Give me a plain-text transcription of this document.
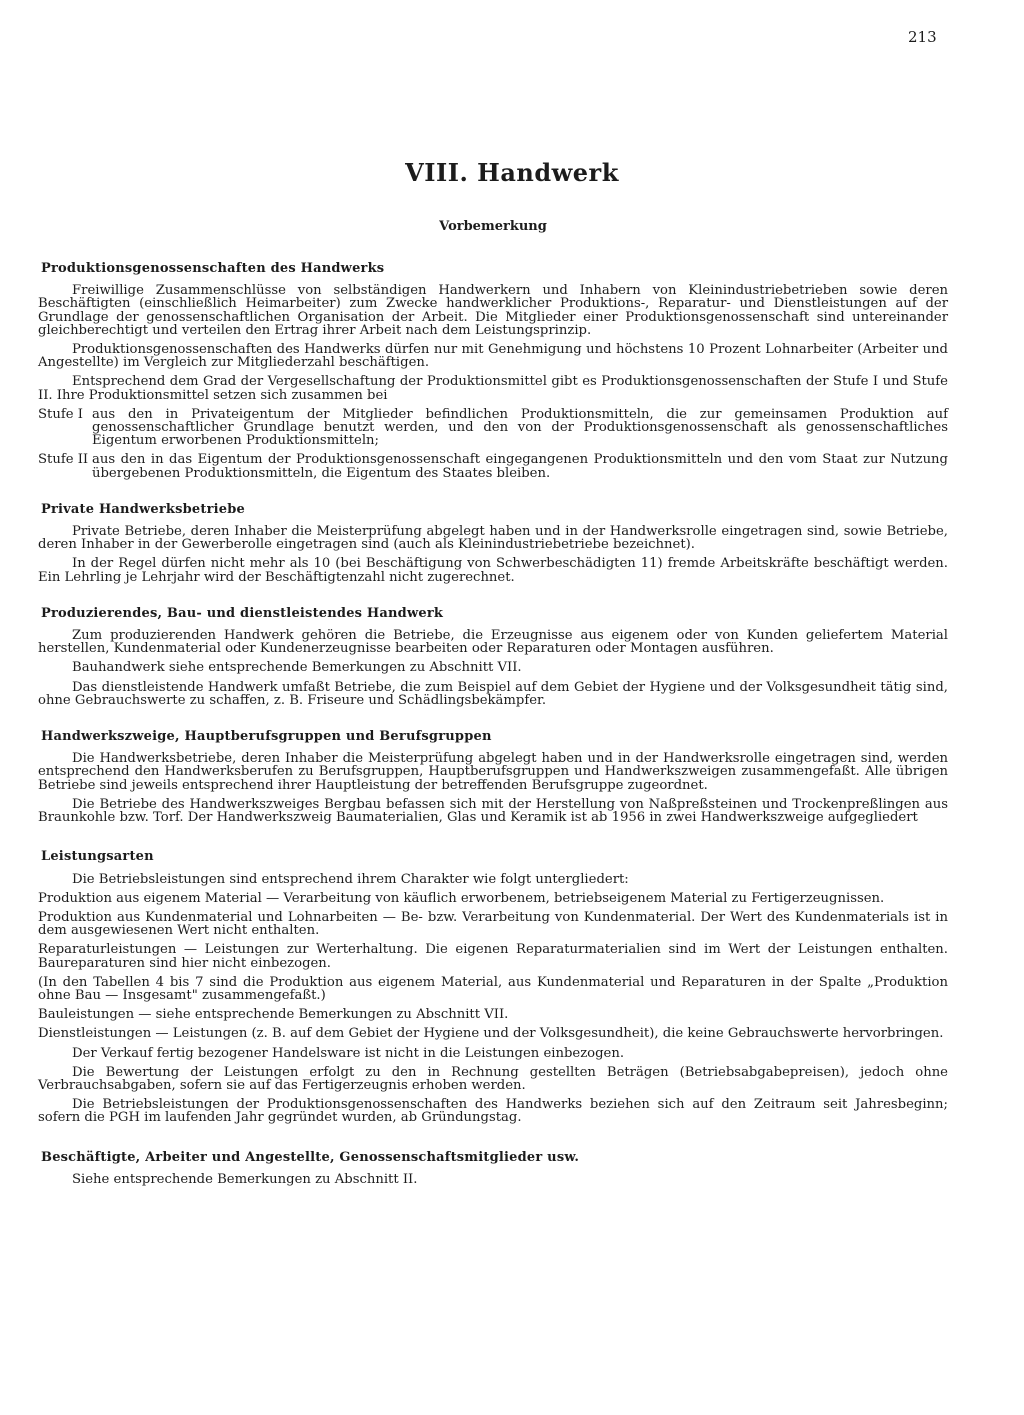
213
VIII. Handwerk
Vorbemerkung
Produktionsgenossenschaften des Handwerks

Freiwillige Zusammenschlüsse von selbständigen Handwerkern und Inhabern von Kleinindustriebetrieben sowie deren Beschäftigten (einschließlich Heimarbeiter) zum Zwecke handwerklicher Produktions-, Reparatur- und Dienstleistungen auf der Grundlage der genossenschaftlichen Organisation der Arbeit. Die Mitglieder einer Produktionsgenossenschaft sind untereinander gleichberechtigt und verteilen den Ertrag ihrer Arbeit nach dem Leistungsprinzip.

Produktionsgenossenschaften des Handwerks dürfen nur mit Genehmigung und höchstens 10 Prozent Lohnarbeiter (Arbeiter und Angestellte) im Vergleich zur Mitgliederzahl beschäftigen.

Entsprechend dem Grad der Vergesellschaftung der Produktionsmittel gibt es Produktionsgenossenschaften der Stufe I und Stufe II. Ihre Produktionsmittel setzen sich zusammen bei

Stufe I aus den in Privateigentum der Mitglieder befindlichen Produktionsmitteln, die zur gemeinsamen Produktion auf genossenschaftlicher Grundlage benutzt werden, und den von der Produktionsgenossenschaft als genossenschaftliches Eigentum erworbenen Produktionsmitteln;
Stufe II aus den in das Eigentum der Produktionsgenossenschaft eingegangenen Produktionsmitteln und den vom Staat zur Nutzung übergebenen Produktionsmitteln, die Eigentum des Staates bleiben.
Private Handwerksbetriebe

Private Betriebe, deren Inhaber die Meisterprüfung abgelegt haben und in der Handwerksrolle eingetragen sind, sowie Betriebe, deren Inhaber in der Gewerberolle eingetragen sind (auch als Kleinindustriebetriebe bezeichnet).

In der Regel dürfen nicht mehr als 10 (bei Beschäftigung von Schwerbeschädigten 11) fremde Arbeitskräfte beschäftigt werden. Ein Lehrling je Lehrjahr wird der Beschäftigtenzahl nicht zugerechnet.

Produzierendes, Bau- und dienstleistendes Handwerk

Zum produzierenden Handwerk gehören die Betriebe, die Erzeugnisse aus eigenem oder von Kunden geliefertem Material herstellen, Kundenmaterial oder Kundenerzeugnisse bearbeiten oder Reparaturen oder Montagen ausführen.

Bauhandwerk siehe entsprechende Bemerkungen zu Abschnitt VII.

Das dienstleistende Handwerk umfaßt Betriebe, die zum Beispiel auf dem Gebiet der Hygiene und der Volksgesundheit tätig sind, ohne Gebrauchswerte zu schaffen, z. B. Friseure und Schädlingsbekämpfer.

Handwerkszweige, Hauptberufsgruppen und Berufsgruppen

Die Handwerksbetriebe, deren Inhaber die Meisterprüfung abgelegt haben und in der Handwerksrolle eingetragen sind, werden entsprechend den Handwerksberufen zu Berufsgruppen, Hauptberufsgruppen und Handwerkszweigen zusammengefaßt. Alle übrigen Betriebe sind jeweils entsprechend ihrer Hauptleistung der betreffenden Berufsgruppe zugeordnet.

Die Betriebe des Handwerkszweiges Bergbau befassen sich mit der Herstellung von Naßpreßsteinen und Trockenpreßlingen aus Braunkohle bzw. Torf. Der Handwerkszweig Baumaterialien, Glas und Keramik ist ab 1956 in zwei Handwerkszweige aufgegliedert

Leistungsarten

Die Betriebsleistungen sind entsprechend ihrem Charakter wie folgt untergliedert:

Produktion aus eigenem Material — Verarbeitung von käuflich erworbenem, betriebseigenem Material zu Fertigerzeugnissen.

Produktion aus Kundenmaterial und Lohnarbeiten — Be- bzw. Verarbeitung von Kundenmaterial. Der Wert des Kundenmaterials ist in dem ausgewiesenen Wert nicht enthalten.

Reparaturleistungen — Leistungen zur Werterhaltung. Die eigenen Reparaturmaterialien sind im Wert der Leistungen enthalten. Baureparaturen sind hier nicht einbezogen.

(In den Tabellen 4 bis 7 sind die Produktion aus eigenem Material, aus Kundenmaterial und Reparaturen in der Spalte „Produktion ohne Bau — Insgesamt" zusammengefaßt.)

Bauleistungen — siehe entsprechende Bemerkungen zu Abschnitt VII.

Dienstleistungen — Leistungen (z. B. auf dem Gebiet der Hygiene und der Volksgesundheit), die keine Gebrauchswerte hervorbringen.

Der Verkauf fertig bezogener Handelsware ist nicht in die Leistungen einbezogen.

Die Bewertung der Leistungen erfolgt zu den in Rechnung gestellten Beträgen (Betriebsabgabepreisen), jedoch ohne Verbrauchsabgaben, sofern sie auf das Fertigerzeugnis erhoben werden.

Die Betriebsleistungen der Produktionsgenossenschaften des Handwerks beziehen sich auf den Zeitraum seit Jahresbeginn; sofern die PGH im laufenden Jahr gegründet wurden, ab Gründungstag.

Beschäftigte, Arbeiter und Angestellte, Genossenschaftsmitglieder usw.

Siehe entsprechende Bemerkungen zu Abschnitt II.
